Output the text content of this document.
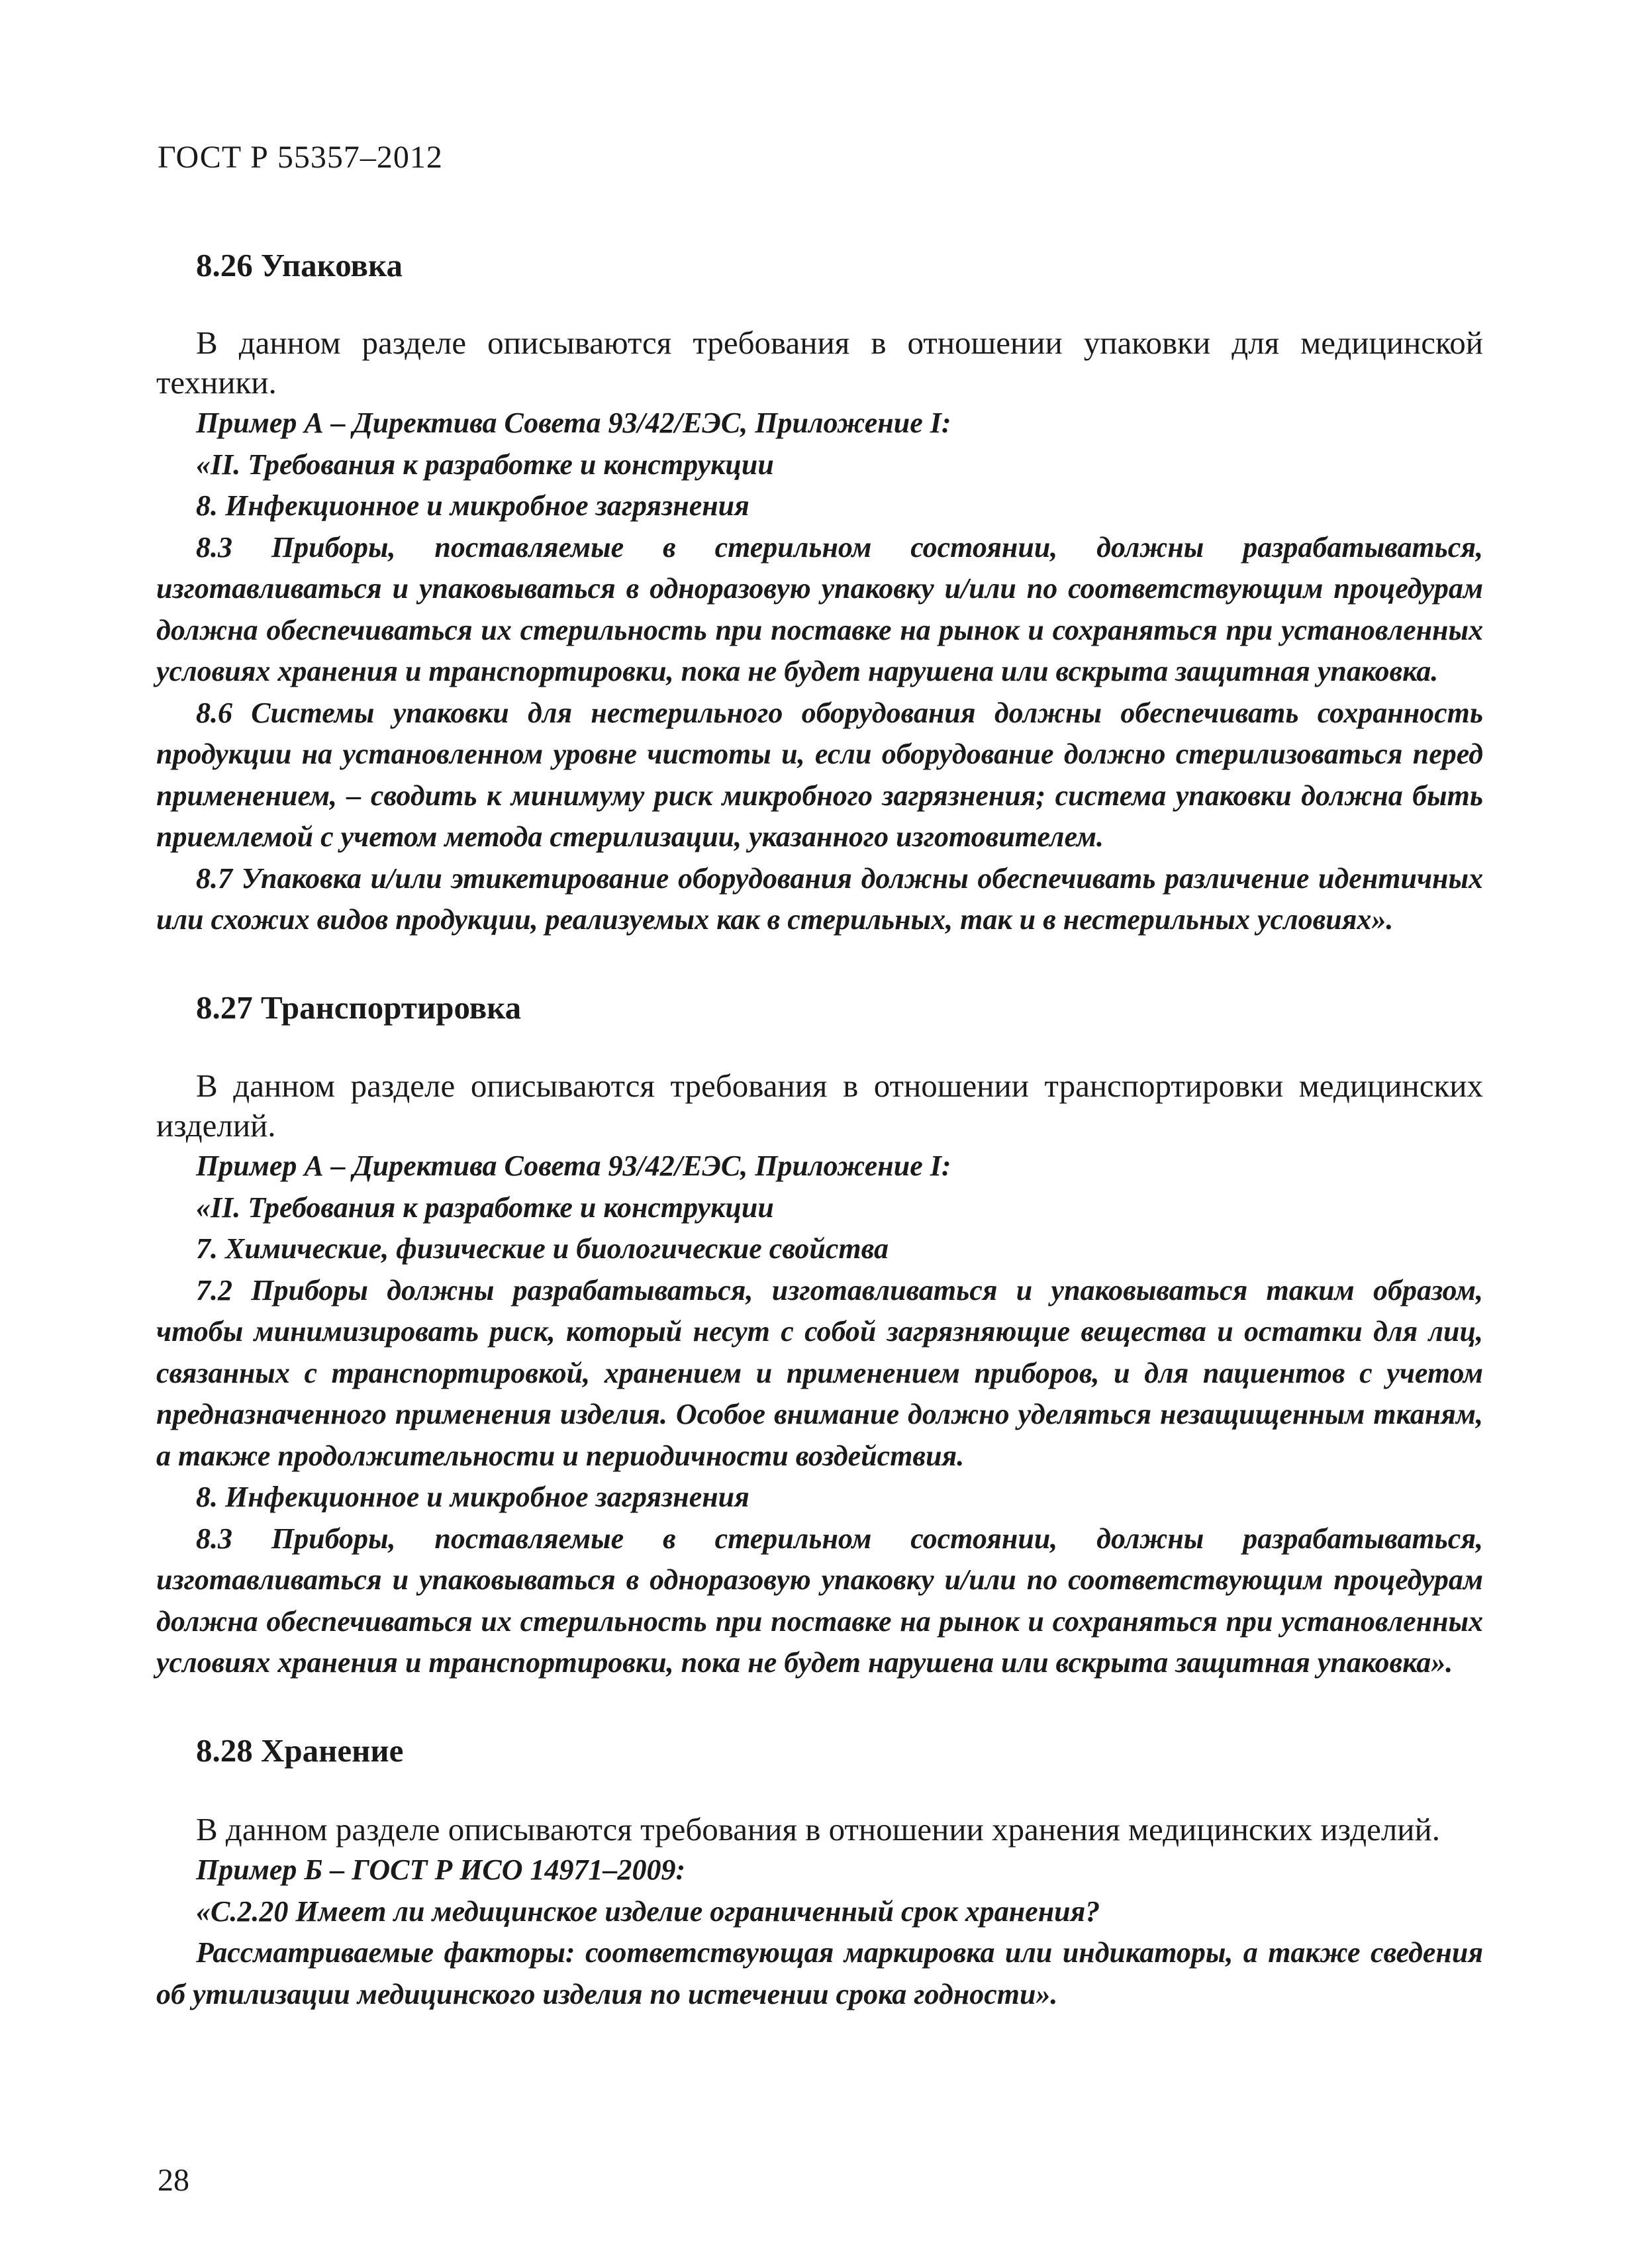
ГОСТ Р 55357–2012
8.26 Упаковка

В данном разделе описываются требования в отношении упаковки для медицинской техники.

Пример А – Директива Совета 93/42/ЕЭС, Приложение I:

«II. Требования к разработке и конструкции

8. Инфекционное и микробное загрязнения

8.3 Приборы, поставляемые в стерильном состоянии, должны разрабатываться, изготавливаться и упаковываться в одноразовую упаковку и/или по соответствующим процедурам должна обеспечиваться их стерильность при поставке на рынок и сохраняться при установленных условиях хранения и транспортировки, пока не будет нарушена или вскрыта защитная упаковка.

8.6 Системы упаковки для нестерильного оборудования должны обеспечивать сохранность продукции на установленном уровне чистоты и, если оборудование должно стерилизоваться перед применением, – сводить к минимуму риск микробного загрязнения; система упаковки должна быть приемлемой с учетом метода стерилизации, указанного изготовителем.

8.7 Упаковка и/или этикетирование оборудования должны обеспечивать различение идентичных или схожих видов продукции, реализуемых как в стерильных, так и в нестерильных условиях».

8.27 Транспортировка

В данном разделе описываются требования в отношении транспортировки медицинских изделий.

Пример А – Директива Совета 93/42/ЕЭС, Приложение I:

«II. Требования к разработке и конструкции

7. Химические, физические и биологические свойства

7.2 Приборы должны разрабатываться, изготавливаться и упаковываться таким образом, чтобы минимизировать риск, который несут с собой загрязняющие вещества и остатки для лиц, связанных с транспортировкой, хранением и применением приборов, и для пациентов с учетом предназначенного применения изделия. Особое внимание должно уделяться незащищенным тканям, а также продолжительности и периодичности воздействия.

8. Инфекционное и микробное загрязнения

8.3 Приборы, поставляемые в стерильном состоянии, должны разрабатываться, изготавливаться и упаковываться в одноразовую упаковку и/или по соответствующим процедурам должна обеспечиваться их стерильность при поставке на рынок и сохраняться при установленных условиях хранения и транспортировки, пока не будет нарушена или вскрыта защитная упаковка».

8.28 Хранение

В данном разделе описываются требования в отношении хранения медицинских изделий.

Пример Б – ГОСТ Р ИСО 14971–2009:

«С.2.20 Имеет ли медицинское изделие ограниченный срок хранения?

Рассматриваемые факторы: соответствующая маркировка или индикаторы, а также сведения об утилизации медицинского изделия по истечении срока годности».

28
